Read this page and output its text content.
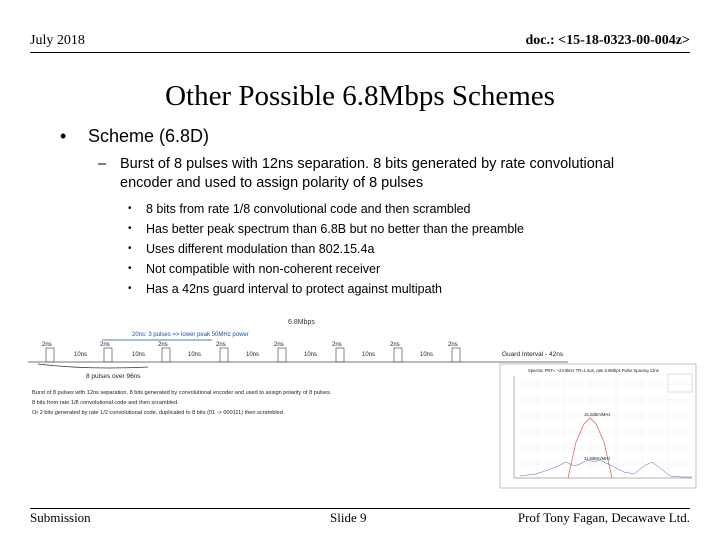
July 2018	doc.: <15-18-0323-00-004z>
Other Possible 6.8Mbps Schemes
• Scheme (6.8D)
– Burst of 8 pulses with 12ns separation. 8 bits generated by rate convolutional encoder and used to assign polarity of 8 pulses
• 8 bits from rate 1/8 convolutional code and then scrambled
• Has better peak spectrum than 6.8B but no better than the preamble
• Uses different modulation than 802.15.4a
• Not compatible with non-coherent receiver
• Has a 42ns guard interval to protect against multipath
6.8Mbps
20ns: 3 pulses => lower peak 50MHz power
2ns
10ns
2ns
10ns
2ns
10ns
2ns
10ns
2ns
10ns
2ns
10ns
2ns
10ns
2ns
Guard Interval - 42ns
8 pulses over 96ns
Burst of 8 pulses with 12ns separation. 8 bits generated by convolutional encoder and used to assign polarity of 8 pulses.
8 bits from rate 1/8 convolutional code and then scrambled.
Or 2 bits generated by rate 1/2 convolutional code, duplicated to 8 bits (01 -> 000111) then scrambled
Spectra: PRF= ~23.8kHz TR=1.6us, rate 6.8Mbps Pulse Spacing 12ns
15.2dBm/MHz
11.8dBm/MHz
Submission	Slide 9	Prof Tony Fagan, Decawave Ltd.
